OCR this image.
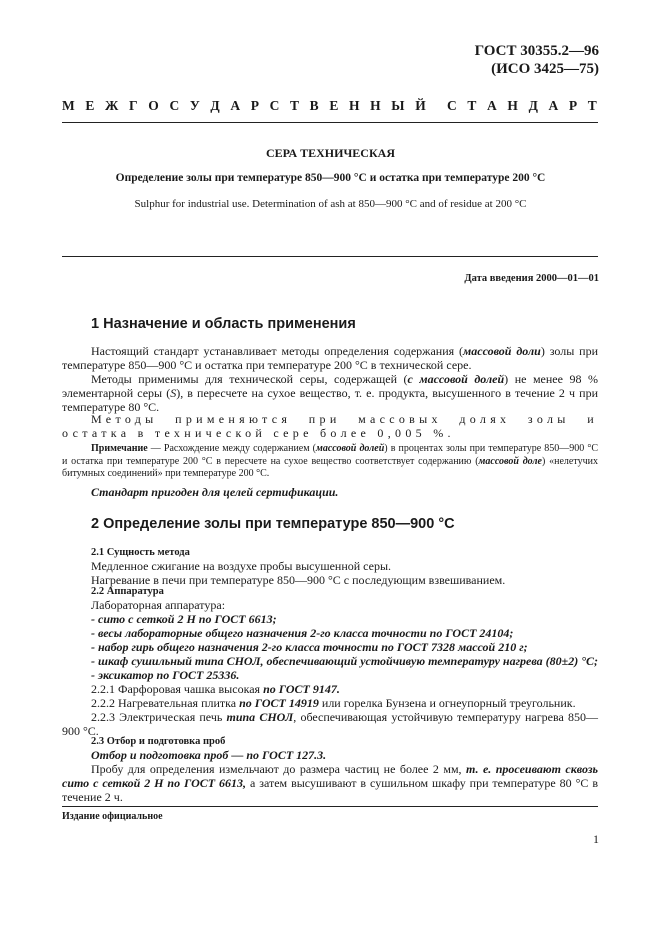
ГОСТ 30355.2—96
(ИСО 3425—75)
М Е Ж Г О С У Д А Р С Т В Е Н Н Ы Й С Т А Н Д А Р Т
СЕРА ТЕХНИЧЕСКАЯ
Определение золы при температуре 850—900 °С и остатка при температуре 200 °С
Sulphur for industrial use. Determination of ash at 850—900 °C and of residue at 200 °C
Дата введения 2000—01—01
1 Назначение и область применения
Настоящий стандарт устанавливает методы определения содержания (массовой доли) золы при температуре 850—900 °С и остатка при температуре 200 °С в технической сере.
Методы применимы для технической серы, содержащей (с массовой долей) не менее 98 % элементарной серы (S), в пересчете на сухое вещество, т. е. продукта, высушенного в течение 2 ч при температуре 80 °С.
Методы применяются при массовых долях золы и остатка в технической сере более 0,005 %.
Примечание — Расхождение между содержанием (массовой долей) в процентах золы при температуре 850—900 °С и остатка при температуре 200 °С в пересчете на сухое вещество соответствует содержанию (массовой доле) «нелетучих битумных соединений» при температуре 200 °С.
Стандарт пригоден для целей сертификации.
2 Определение золы при температуре 850—900 °С
2.1 Сущность метода
Медленное сжигание на воздухе пробы высушенной серы.
Нагревание в печи при температуре 850—900 °С с последующим взвешиванием.
2.2 Аппаратура
Лабораторная аппаратура:
- сито с сеткой 2 Н по ГОСТ 6613;
- весы лабораторные общего назначения 2-го класса точности по ГОСТ 24104;
- набор гирь общего назначения 2-го класса точности по ГОСТ 7328 массой 210 г;
- шкаф сушильный типа СНОЛ, обеспечивающий устойчивую температуру нагрева (80±2) °С;
- эксикатор по ГОСТ 25336.
2.2.1 Фарфоровая чашка высокая по ГОСТ 9147.
2.2.2 Нагревательная плитка по ГОСТ 14919 или горелка Бунзена и огнеупорный треугольник.
2.2.3 Электрическая печь типа СНОЛ, обеспечивающая устойчивую температуру нагрева 850—900 °С.
2.3 Отбор и подготовка проб
Отбор и подготовка проб — по ГОСТ 127.3.
Пробу для определения измельчают до размера частиц не более 2 мм, т. е. просеивают сквозь сито с сеткой 2 Н по ГОСТ 6613, а затем высушивают в сушильном шкафу при температуре 80 °С в течение 2 ч.
Издание официальное
1
